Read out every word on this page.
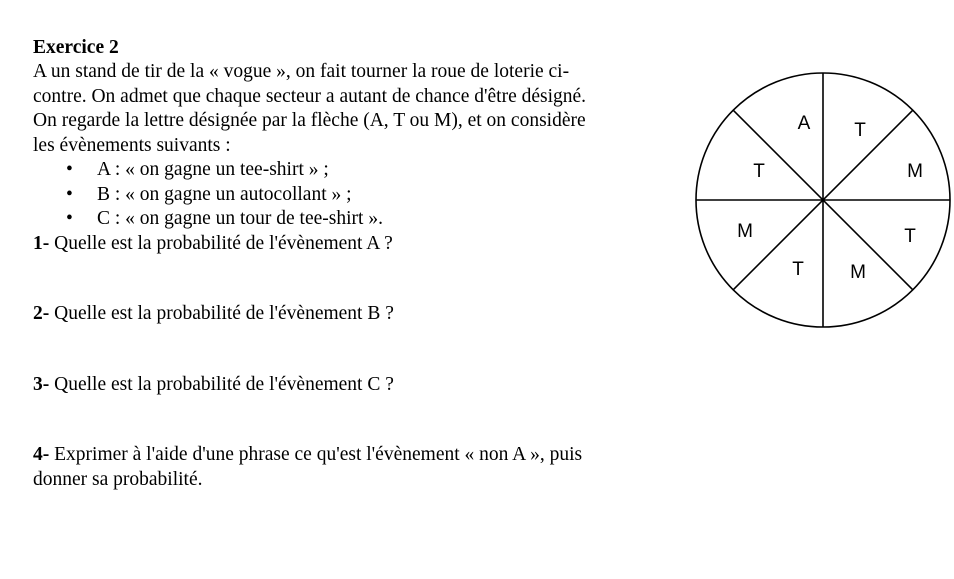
Exercice 2

A un stand de tir de la « vogue », on fait tourner la roue de loterie ci-
contre. On admet que chaque secteur a autant de chance d'être désigné.
On regarde la lettre désignée par la flèche (A, T ou M), et on considère
les évènements suivants :

• A : « on gagne un tee-shirt » ;
• B : « on gagne un autocollant » ;
• C : « on gagne un tour de tee-shirt ».

1- Quelle est la probabilité de l'évènement A ?

2- Quelle est la probabilité de l'évènement B ?

3- Quelle est la probabilité de l'évènement C ?

4- Exprimer à l'aide d'une phrase ce qu'est l'évènement « non A », puis
donner sa probabilité.

A T
M
T
M
T
M
T
